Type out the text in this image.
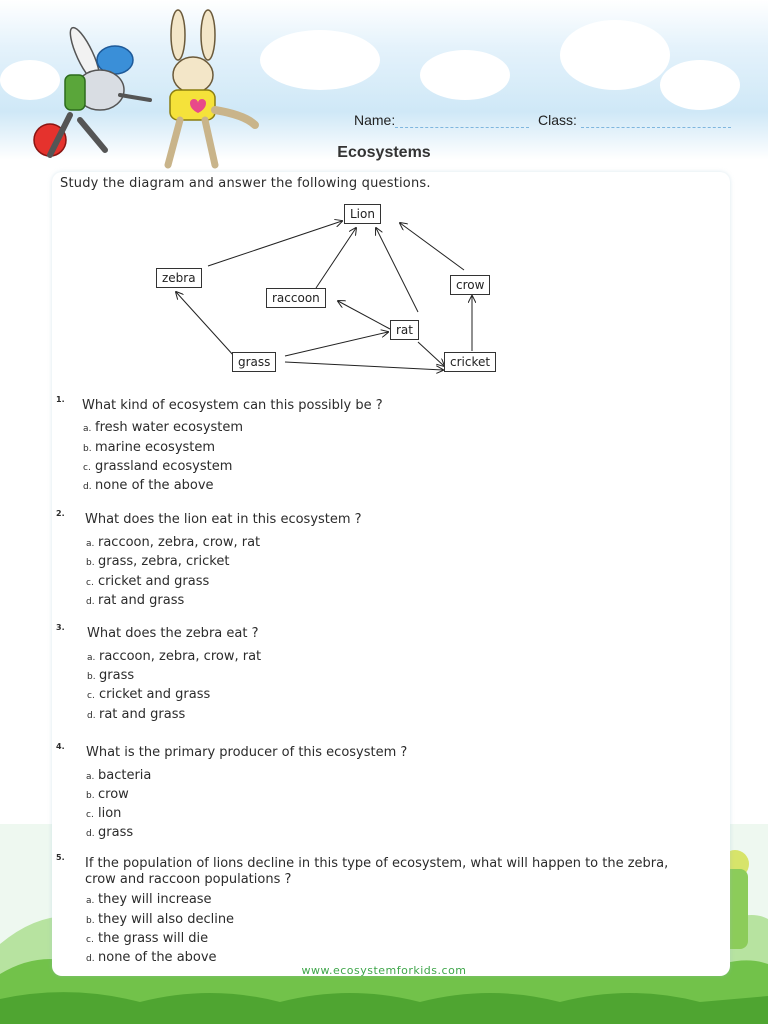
Name:	Class:
Ecosystems
Study the diagram and answer the following questions.
Lion
zebra
raccoon
crow
rat
grass	cricket
1. What kind of ecosystem can this possibly be ?
a. fresh water ecosystem
b. marine ecosystem
c. grassland ecosystem
d. none of the above
2. What does the lion eat in this ecosystem ?
a. raccoon, zebra, crow, rat
b. grass, zebra, cricket
c. cricket and grass
d. rat and grass
3. What does the zebra eat ?
a. raccoon, zebra, crow, rat
b. grass
c. cricket and grass
d. rat and grass
4. What is the primary producer of this ecosystem ?
a. bacteria
b. crow
c. lion
d. grass
5. If the population of lions decline in this type of ecosystem, what will happen to the zebra,
crow and raccoon populations ?
a. they will increase
b. they will also decline
c. the grass will die
d. none of the above
www.ecosystemforkids.com
